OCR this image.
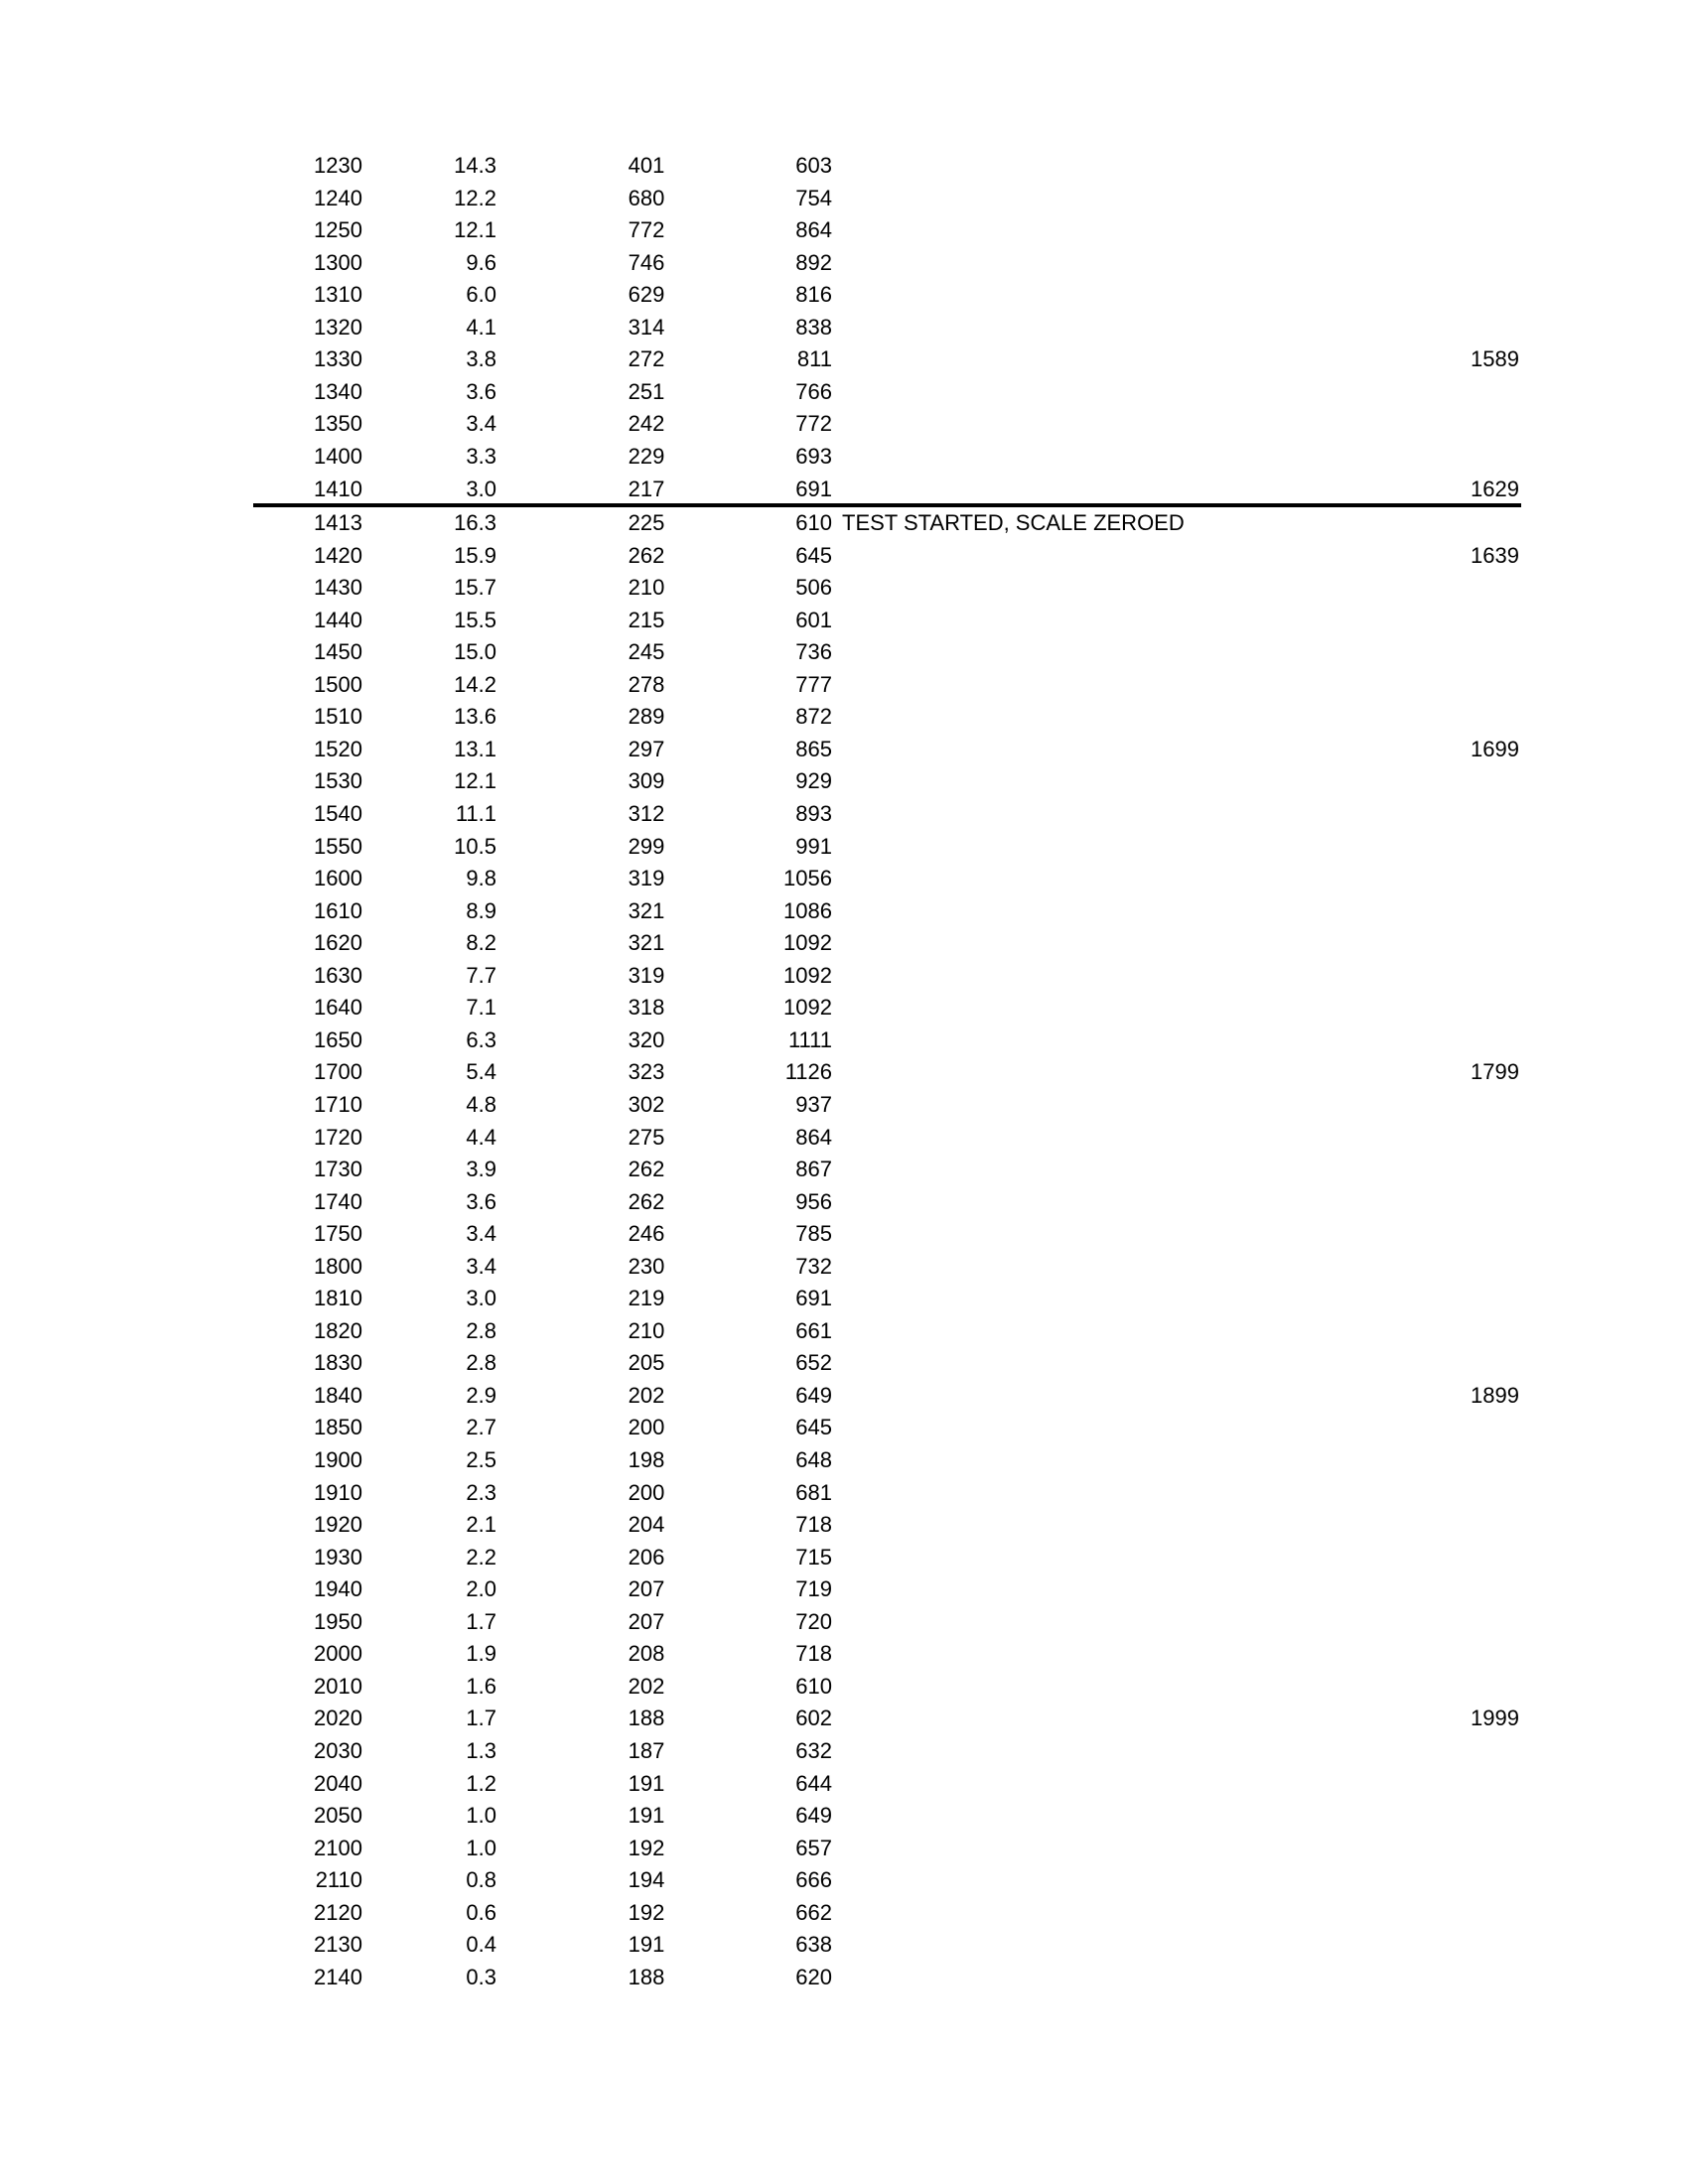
1230	14.3	401	603
1240	12.2	680	754
1250	12.1	772	864
1300	9.6	746	892
1310	6.0	629	816
1320	4.1	314	838
1330	3.8	272	811	1589
1340	3.6	251	766
1350	3.4	242	772
1400	3.3	229	693
1410	3.0	217	691	1629
1413	16.3	225	610 TEST STARTED, SCALE ZEROED
1420	15.9	262	645	1639
1430	15.7	210	506
1440	15.5	215	601
1450	15.0	245	736
1500	14.2	278	777
1510	13.6	289	872
1520	13.1	297	865	1699
1530	12.1	309	929
1540	11.1	312	893
1550	10.5	299	991
1600	9.8	319	1056
1610	8.9	321	1086
1620	8.2	321	1092
1630	7.7	319	1092
1640	7.1	318	1092
1650	6.3	320	1111
1700	5.4	323	1126	1799
1710	4.8	302	937
1720	4.4	275	864
1730	3.9	262	867
1740	3.6	262	956
1750	3.4	246	785
1800	3.4	230	732
1810	3.0	219	691
1820	2.8	210	661
1830	2.8	205	652
1840	2.9	202	649	1899
1850	2.7	200	645
1900	2.5	198	648
1910	2.3	200	681
1920	2.1	204	718
1930	2.2	206	715
1940	2.0	207	719
1950	1.7	207	720
2000	1.9	208	718
2010	1.6	202	610
2020	1.7	188	602	1999
2030	1.3	187	632
2040	1.2	191	644
2050	1.0	191	649
2100	1.0	192	657
2110	0.8	194	666
2120	0.6	192	662
2130	0.4	191	638
2140	0.3	188	620
